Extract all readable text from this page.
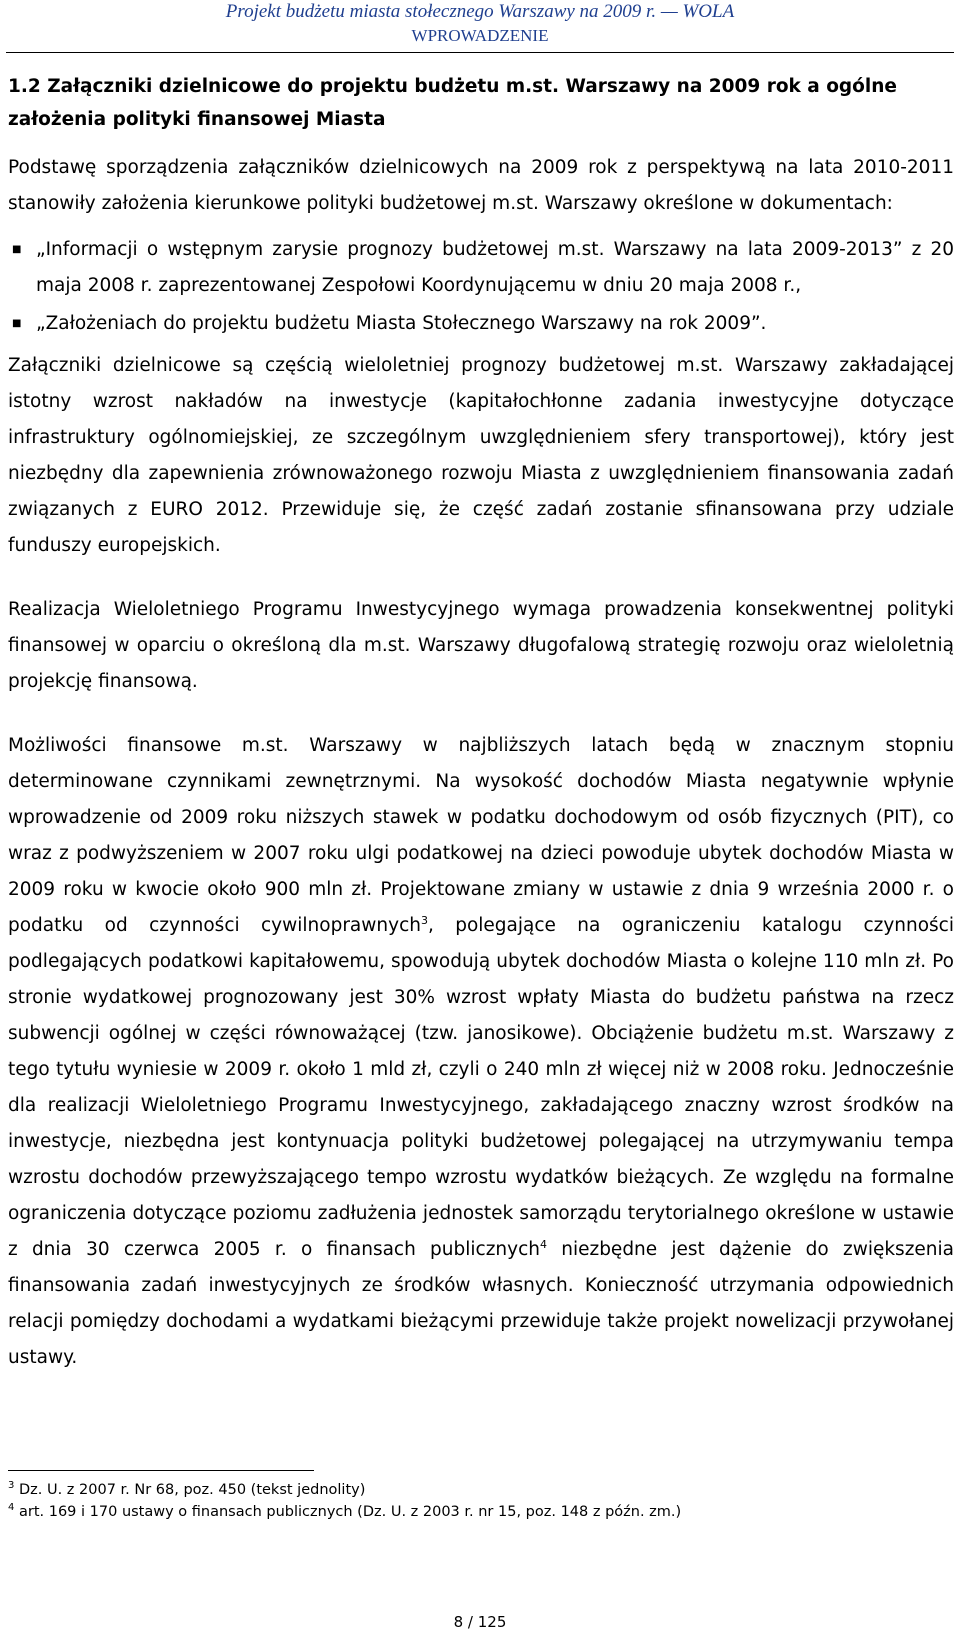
Projekt budżetu miasta stołecznego Warszawy na 2009 r. — WOLA
WPROWADZENIE
1.2 Załączniki dzielnicowe do projektu budżetu m.st. Warszawy na 2009 rok a ogólne założenia polityki finansowej Miasta

Podstawę sporządzenia załączników dzielnicowych na 2009 rok z perspektywą na lata 2010-2011 stanowiły założenia kierunkowe polityki budżetowej m.st. Warszawy określone w dokumentach:

■ „Informacji o wstępnym zarysie prognozy budżetowej m.st. Warszawy na lata 2009-2013” z 20 maja 2008 r. zaprezentowanej Zespołowi Koordynującemu w dniu 20 maja 2008 r.,
■ „Założeniach do projektu budżetu Miasta Stołecznego Warszawy na rok 2009”.

Załączniki dzielnicowe są częścią wieloletniej prognozy budżetowej m.st. Warszawy zakładającej istotny wzrost nakładów na inwestycje (kapitałochłonne zadania inwestycyjne dotyczące infrastruktury ogólnomiejskiej, ze szczególnym uwzględnieniem sfery transportowej), który jest niezbędny dla zapewnienia zrównoważonego rozwoju Miasta z uwzględnieniem finansowania zadań związanych z EURO 2012. Przewiduje się, że część zadań zostanie sfinansowana przy udziale funduszy europejskich.

Realizacja Wieloletniego Programu Inwestycyjnego wymaga prowadzenia konsekwentnej polityki finansowej w oparciu o określoną dla m.st. Warszawy długofalową strategię rozwoju oraz wieloletnią projekcję finansową.

Możliwości finansowe m.st. Warszawy w najbliższych latach będą w znacznym stopniu determinowane czynnikami zewnętrznymi. Na wysokość dochodów Miasta negatywnie wpłynie wprowadzenie od 2009 roku niższych stawek w podatku dochodowym od osób fizycznych (PIT), co wraz z podwyższeniem w 2007 roku ulgi podatkowej na dzieci powoduje ubytek dochodów Miasta w 2009 roku w kwocie około 900 mln zł. Projektowane zmiany w ustawie z dnia 9 września 2000 r. o podatku od czynności cywilnoprawnych$^3$, polegające na ograniczeniu katalogu czynności podlegających podatkowi kapitałowemu, spowodują ubytek dochodów Miasta o kolejne 110 mln zł. Po stronie wydatkowej prognozowany jest 30% wzrost wpłaty Miasta do budżetu państwa na rzecz subwencji ogólnej w części równoważącej (tzw. janosikowe). Obciążenie budżetu m.st. Warszawy z tego tytułu wyniesie w 2009 r. około 1 mld zł, czyli o 240 mln zł więcej niż w 2008 roku. Jednocześnie dla realizacji Wieloletniego Programu Inwestycyjnego, zakładającego znaczny wzrost środków na inwestycje, niezbędna jest kontynuacja polityki budżetowej polegającej na utrzymywaniu tempa wzrostu dochodów przewyższającego tempo wzrostu wydatków bieżących. Ze względu na formalne ograniczenia dotyczące poziomu zadłużenia jednostek samorządu terytorialnego określone w ustawie z dnia 30 czerwca 2005 r. o finansach publicznych$^4$ niezbędne jest dążenie do zwiększenia finansowania zadań inwestycyjnych ze środków własnych. Konieczność utrzymania odpowiednich relacji pomiędzy dochodami a wydatkami bieżącymi przewiduje także projekt nowelizacji przywołanej ustawy.

$^3$ Dz. U. z 2007 r. Nr 68, poz. 450 (tekst jednolity)
$^4$ art. 169 i 170 ustawy o finansach publicznych (Dz. U. z 2003 r. nr 15, poz. 148 z późn. zm.)
8 / 125
